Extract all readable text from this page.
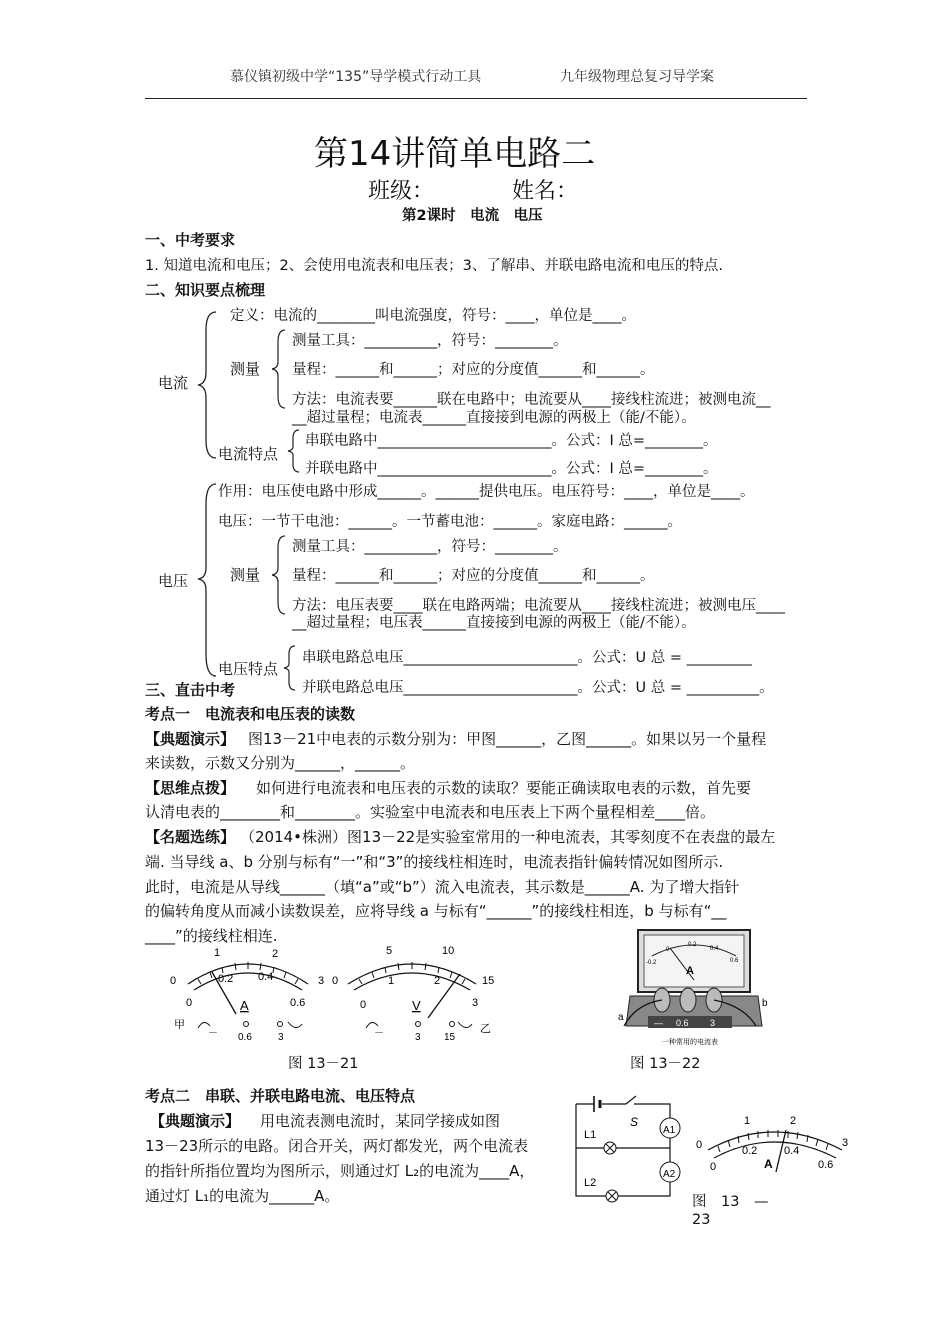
慕仪镇初级中学“135”导学模式行动工具	九年级物理总复习导学案
第14讲简单电路二
班级：	姓名：
第2课时　电流　电压
一、中考要求
1. 知道电流和电压；2、会使用电流表和电压表；3、了解串、并联电路电流和电压的特点.
二、知识要点梳理
电流
定义：电流的________叫电流强度，符号：____，单位是____。
测量
测量工具：__________，符号：________。
量程：______和______；对应的分度值______和______。
方法：电流表要______联在电路中；电流要从____接线柱流进；被测电流__
__超过量程；电流表______直接接到电源的两极上（能/不能）。
电流特点
串联电路中________________________。公式：I 总=________。
并联电路中________________________。公式：I 总=________。
电压
作用：电压使电路中形成______。______提供电压。电压符号：____，单位是____。
电压：一节干电池：______。一节蓄电池：______。家庭电路：______。
测量
测量工具：__________，符号：________。
量程：______和______；对应的分度值______和______。
方法：电压表要____联在电路两端；电流要从____接线柱流进；被测电压____
__超过量程；电压表______直接接到电源的两极上（能/不能）。
电压特点
串联电路总电压________________________。公式：U 总 = _________
并联电路总电压________________________。公式：U 总 = __________。
三、直击中考
考点一　电流表和电压表的读数
【典题演示】 图13－21中电表的示数分别为：甲图______，乙图______。如果以另一个量程
来读数，示数又分别为______，______。
【思维点拨】 如何进行电流表和电压表的示数的读取？要能正确读取电表的示数，首先要
认清电表的________和________。实验室中电流表和电压表上下两个量程相差____倍。
【名题选练】 （2014•株洲）图13－22是实验室常用的一种电流表，其零刻度不在表盘的最左
端. 当导线 a、b 分别与标有“一”和“3”的接线柱相连时，电流表指针偏转情况如图所示.
此时，电流是从导线______（填“a”或“b”）流入电流表，其示数是______A. 为了增大指针
的偏转角度从而减小读数误差，应将导线 a 与标有“______”的接线柱相连，b 与标有“__
____”的接线柱相连.
0
1	2
3
0
0.2 0.4
0.6
A
甲
－ 0.6	3
0
5	10
15
0
1	2
3
V
－	3 15
乙
图 13－21
-0.2
0
0.2
0.4
0.6
A
— 0.6 3
a
b
一种常用的电流表
图 13－22
考点二　串联、并联电路电流、电压特点
【典题演示】 用电流表测电流时，某同学接成如图
13－23所示的电路。闭合开关，两灯都发光，两个电流表
的指针所指位置均为图所示，则通过灯 L₂的电流为____A，
通过灯 L₁的电流为______A。
S
L1
L2
A1
A2
0
1	2
3
0
0.2 0.4
0.6
A
图　13　—
23
